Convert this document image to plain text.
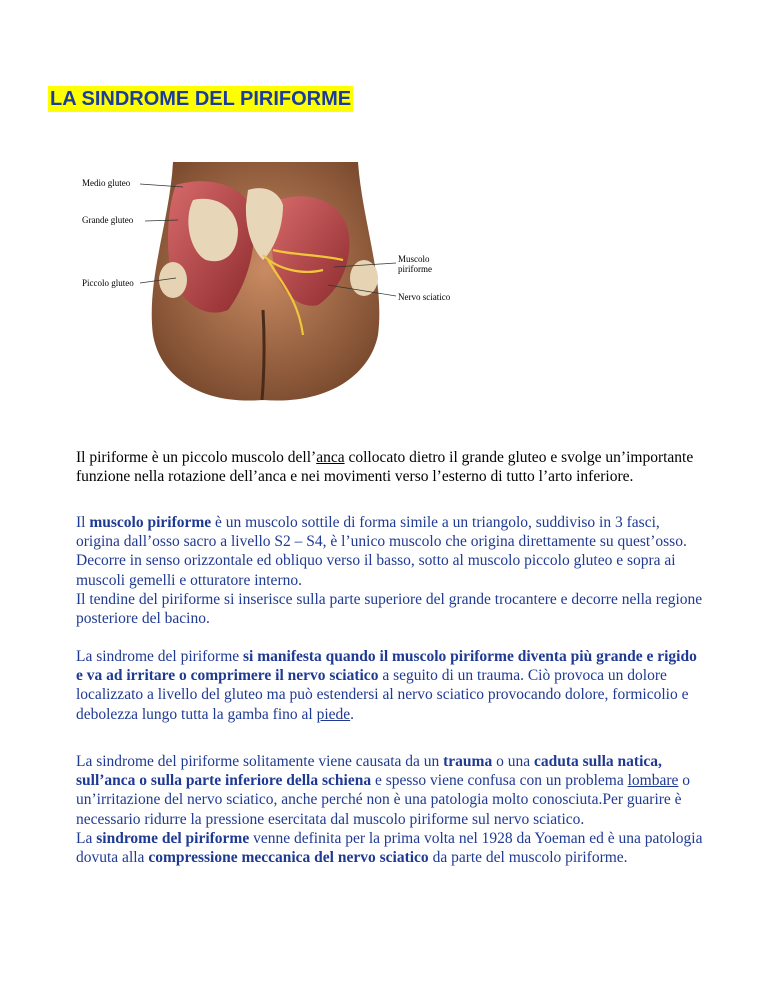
LA SINDROME DEL PIRIFORME
Medio gluteo
Grande gluteo
Piccolo gluteo
Muscolo
piriforme
Nervo sciatico

Il piriforme è un piccolo muscolo dell’anca collocato dietro il grande gluteo e svolge un’importante funzione nella rotazione dell’anca e nei movimenti verso l’esterno di tutto l’arto inferiore.

Il muscolo piriforme è un muscolo sottile di forma simile a un triangolo, suddiviso in 3 fasci, origina dall’osso sacro a livello S2 – S4, è l’unico muscolo che origina direttamente su quest’osso. Decorre in senso orizzontale ed obliquo verso il basso, sotto al muscolo piccolo gluteo e sopra ai muscoli gemelli e otturatore interno.
Il tendine del piriforme si inserisce sulla parte superiore del grande trocantere e decorre nella regione posteriore del bacino.

La sindrome del piriforme si manifesta quando il muscolo piriforme diventa più grande e rigido e va ad irritare o comprimere il nervo sciatico a seguito di un trauma. Ciò provoca un dolore localizzato a livello del gluteo ma può estendersi al nervo sciatico provocando dolore, formicolio e debolezza lungo tutta la gamba fino al piede.

La sindrome del piriforme solitamente viene causata da un trauma o una caduta sulla natica, sull’anca o sulla parte inferiore della schiena e spesso viene confusa con un problema lombare o un’irritazione del nervo sciatico, anche perché non è una patologia molto conosciuta.Per guarire è necessario ridurre la pressione esercitata dal muscolo piriforme sul nervo sciatico.
La sindrome del piriforme venne definita per la prima volta nel 1928 da Yoeman ed è una patologia dovuta alla compressione meccanica del nervo sciatico da parte del muscolo piriforme.
